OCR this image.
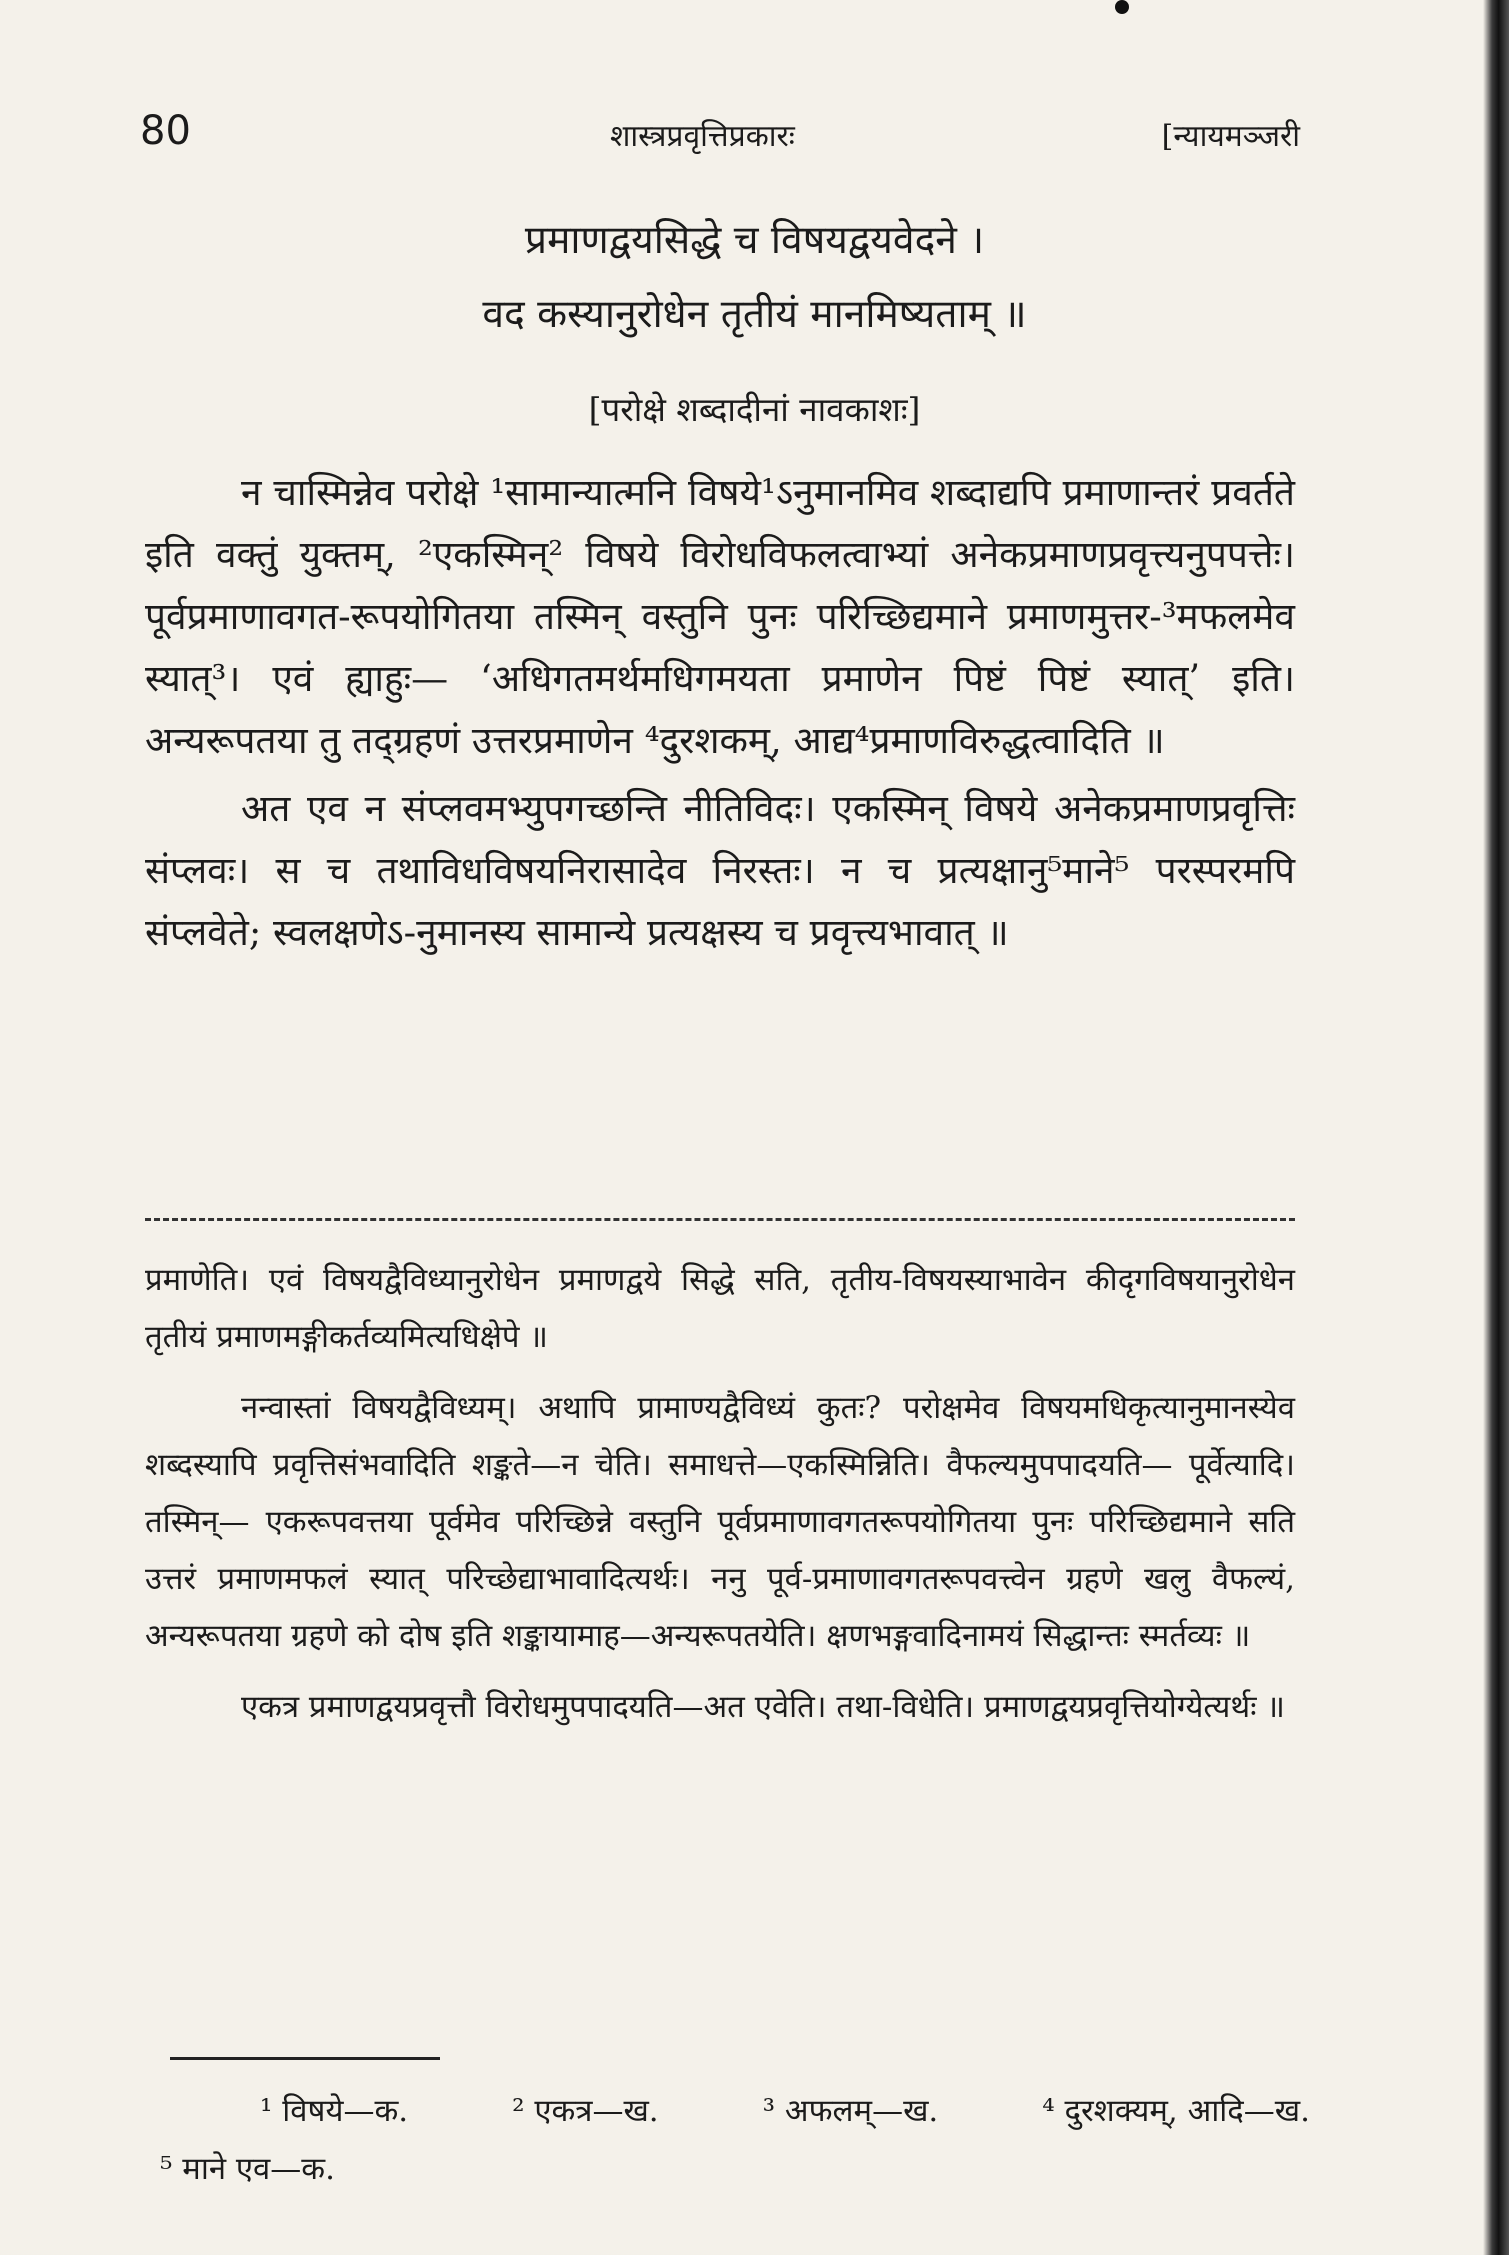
80	शास्त्रप्रवृत्तिप्रकारः	[न्यायमञ्जरी
प्रमाणद्वयसिद्धे च विषयद्वयवेदने ।
वद कस्यानुरोधेन तृतीयं मानमिष्यताम् ॥
[परोक्षे शब्दादीनां नावकाशः]

न चास्मिन्नेव परोक्षे ¹सामान्यात्मनि विषये¹ऽनुमानमिव शब्दाद्यपि प्रमाणान्तरं प्रवर्तते इति वक्तुं युक्तम्, ²एकस्मिन्² विषये विरोधविफलत्वाभ्यां अनेकप्रमाणप्रवृत्त्यनुपपत्तेः। पूर्वप्रमाणावगत-रूपयोगितया तस्मिन् वस्तुनि पुनः परिच्छिद्यमाने प्रमाणमुत्तर-³मफलमेव स्यात्³। एवं ह्याहुः— ‘अधिगतमर्थमधिगमयता प्रमाणेन पिष्टं पिष्टं स्यात्’ इति। अन्यरूपतया तु तद्ग्रहणं उत्तरप्रमाणेन ⁴दुरशकम्, आद्य⁴प्रमाणविरुद्धत्वादिति ॥

अत एव न संप्लवमभ्युपगच्छन्ति नीतिविदः। एकस्मिन् विषये अनेकप्रमाणप्रवृत्तिः संप्लवः। स च तथाविधविषयनिरासादेव निरस्तः। न च प्रत्यक्षानु⁵माने⁵ परस्परमपि संप्लवेते; स्वलक्षणेऽ-नुमानस्य सामान्ये प्रत्यक्षस्य च प्रवृत्त्यभावात् ॥

प्रमाणेति। एवं विषयद्वैविध्यानुरोधेन प्रमाणद्वये सिद्धे सति, तृतीय-विषयस्याभावेन कीदृगविषयानुरोधेन तृतीयं प्रमाणमङ्गीकर्तव्यमित्यधिक्षेपे ॥

नन्वास्तां विषयद्वैविध्यम्। अथापि प्रामाण्यद्वैविध्यं कुतः? परोक्षमेव विषयमधिकृत्यानुमानस्येव शब्दस्यापि प्रवृत्तिसंभवादिति शङ्कते—न चेति। समाधत्ते—एकस्मिन्निति। वैफल्यमुपपादयति— पूर्वेत्यादि। तस्मिन्— एकरूपवत्तया पूर्वमेव परिच्छिन्ने वस्तुनि पूर्वप्रमाणावगतरूपयोगितया पुनः परिच्छिद्यमाने सति उत्तरं प्रमाणमफलं स्यात् परिच्छेद्याभावादित्यर्थः। ननु पूर्व-प्रमाणावगतरूपवत्त्वेन ग्रहणे खलु वैफल्यं, अन्यरूपतया ग्रहणे को दोष इति शङ्कायामाह—अन्यरूपतयेति। क्षणभङ्गवादिनामयं सिद्धान्तः स्मर्तव्यः ॥

एकत्र प्रमाणद्वयप्रवृत्तौ विरोधमुपपादयति—अत एवेति। तथा-विधेति। प्रमाणद्वयप्रवृत्तियोग्येत्यर्थः ॥

¹ विषये—क.	² एकत्र—ख.	³ अफलम्—ख.	⁴ दुरशक्यम्, आदि—ख.
⁵ माने एव—क.
